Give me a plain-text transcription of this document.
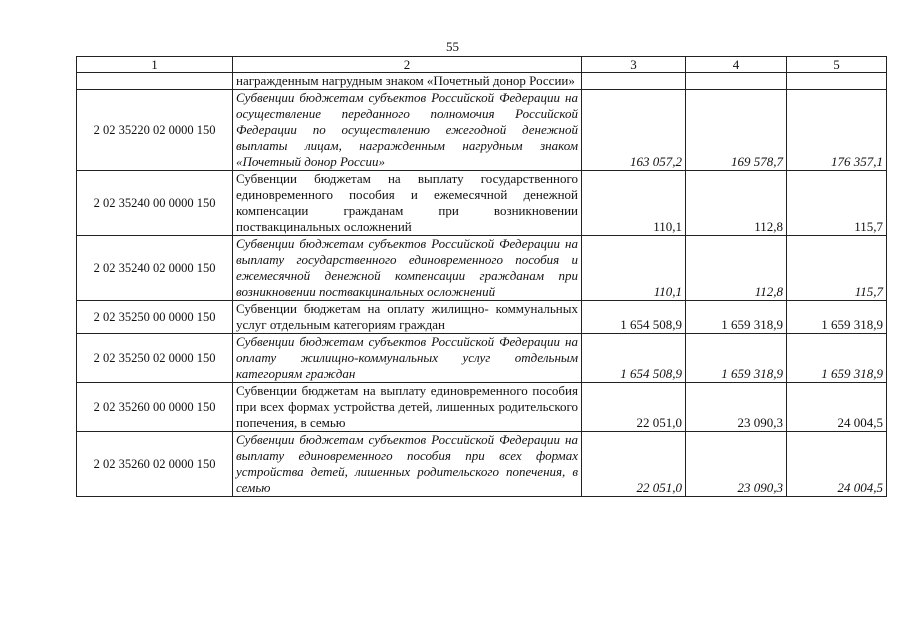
55
1	2	3	4	5
	награжденным нагрудным знаком «Почетный донор России»			
2 02 35220 02 0000 150	Субвенции бюджетам субъектов Российской Федерации на осуществление переданного полномочия Российской Федерации по осуществлению ежегодной денежной выплаты лицам, награжденным нагрудным знаком «Почетный донор России»	163 057,2	169 578,7	176 357,1
2 02 35240 00 0000 150	Субвенции бюджетам на выплату государственного единовременного пособия и ежемесячной денежной компенсации гражданам при возникновении поствакцинальных осложнений	110,1	112,8	115,7
2 02 35240 02 0000 150	Субвенции бюджетам субъектов Российской Федерации на выплату государственного единовременного пособия и ежемесячной денежной компенсации гражданам при возникновении поствакцинальных осложнений	110,1	112,8	115,7
2 02 35250 00 0000 150	Субвенции бюджетам на оплату жилищно- коммунальных услуг отдельным категориям граждан	1 654 508,9	1 659 318,9	1 659 318,9
2 02 35250 02 0000 150	Субвенции бюджетам субъектов Российской Федерации на оплату жилищно-коммунальных услуг отдельным категориям граждан	1 654 508,9	1 659 318,9	1 659 318,9
2 02 35260 00 0000 150	Субвенции бюджетам на выплату единовременного пособия при всех формах устройства детей, лишенных родительского попечения, в семью	22 051,0	23 090,3	24 004,5
2 02 35260 02 0000 150	Субвенции бюджетам субъектов Российской Федерации на выплату единовременного пособия при всех формах устройства детей, лишенных родительского попечения, в семью	22 051,0	23 090,3	24 004,5
